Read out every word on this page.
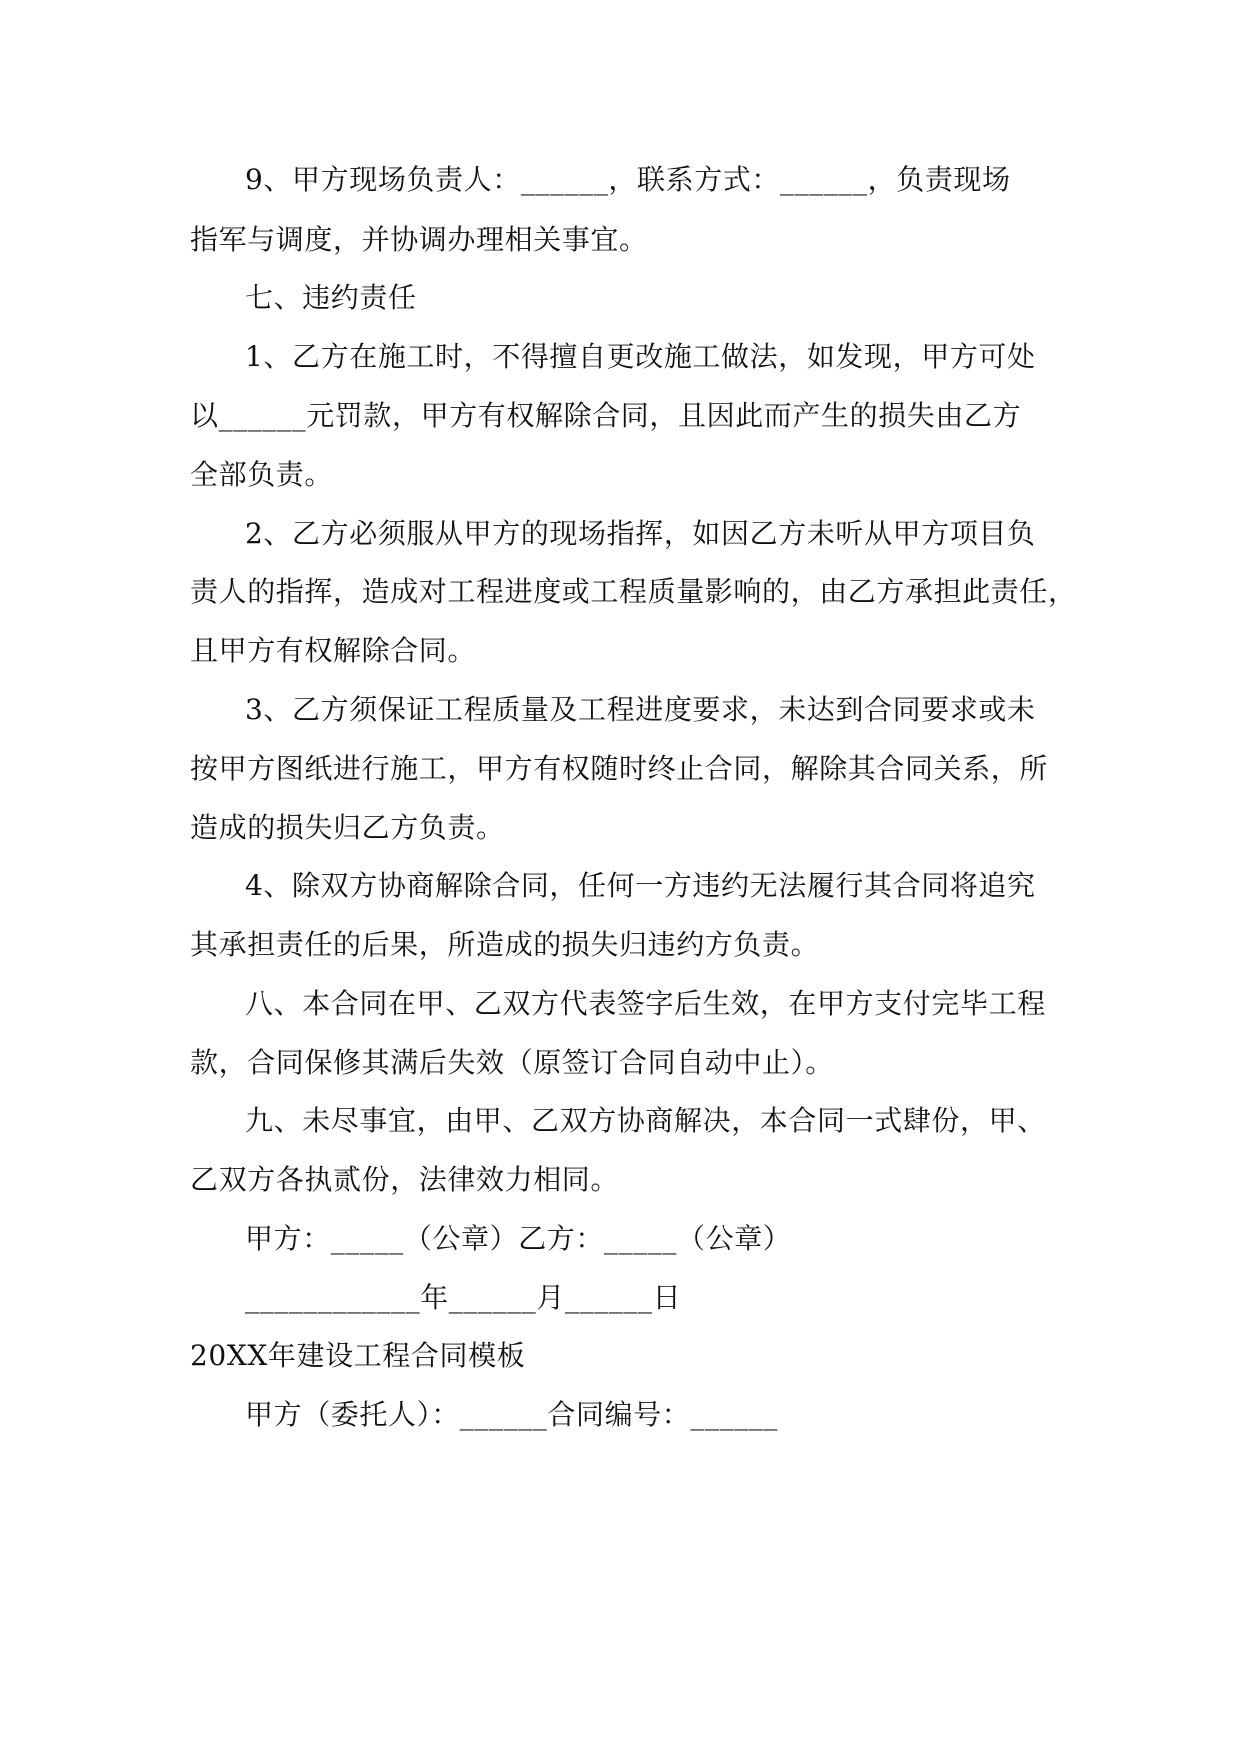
9、甲方现场负责人：______，联系方式：______，负责现场
指军与调度，并协调办理相关事宜。
七、违约责任
1、乙方在施工时，不得擅自更改施工做法，如发现，甲方可处
以______元罚款，甲方有权解除合同，且因此而产生的损失由乙方
全部负责。
2、乙方必须服从甲方的现场指挥，如因乙方未听从甲方项目负
责人的指挥，造成对工程进度或工程质量影响的，由乙方承担此责任，
且甲方有权解除合同。
3、乙方须保证工程质量及工程进度要求，未达到合同要求或未
按甲方图纸进行施工，甲方有权随时终止合同，解除其合同关系，所
造成的损失归乙方负责。
4、除双方协商解除合同，任何一方违约无法履行其合同将追究
其承担责任的后果，所造成的损失归违约方负责。
八、本合同在甲、乙双方代表签字后生效，在甲方支付完毕工程
款，合同保修其满后失效（原签订合同自动中止）。
九、未尽事宜，由甲、乙双方协商解决，本合同一式肆份，甲、
乙双方各执贰份，法律效力相同。
甲方：_____（公章）乙方：_____（公章）
____________年______月______日
20XX年建设工程合同模板
甲方（委托人）：______合同编号：______
